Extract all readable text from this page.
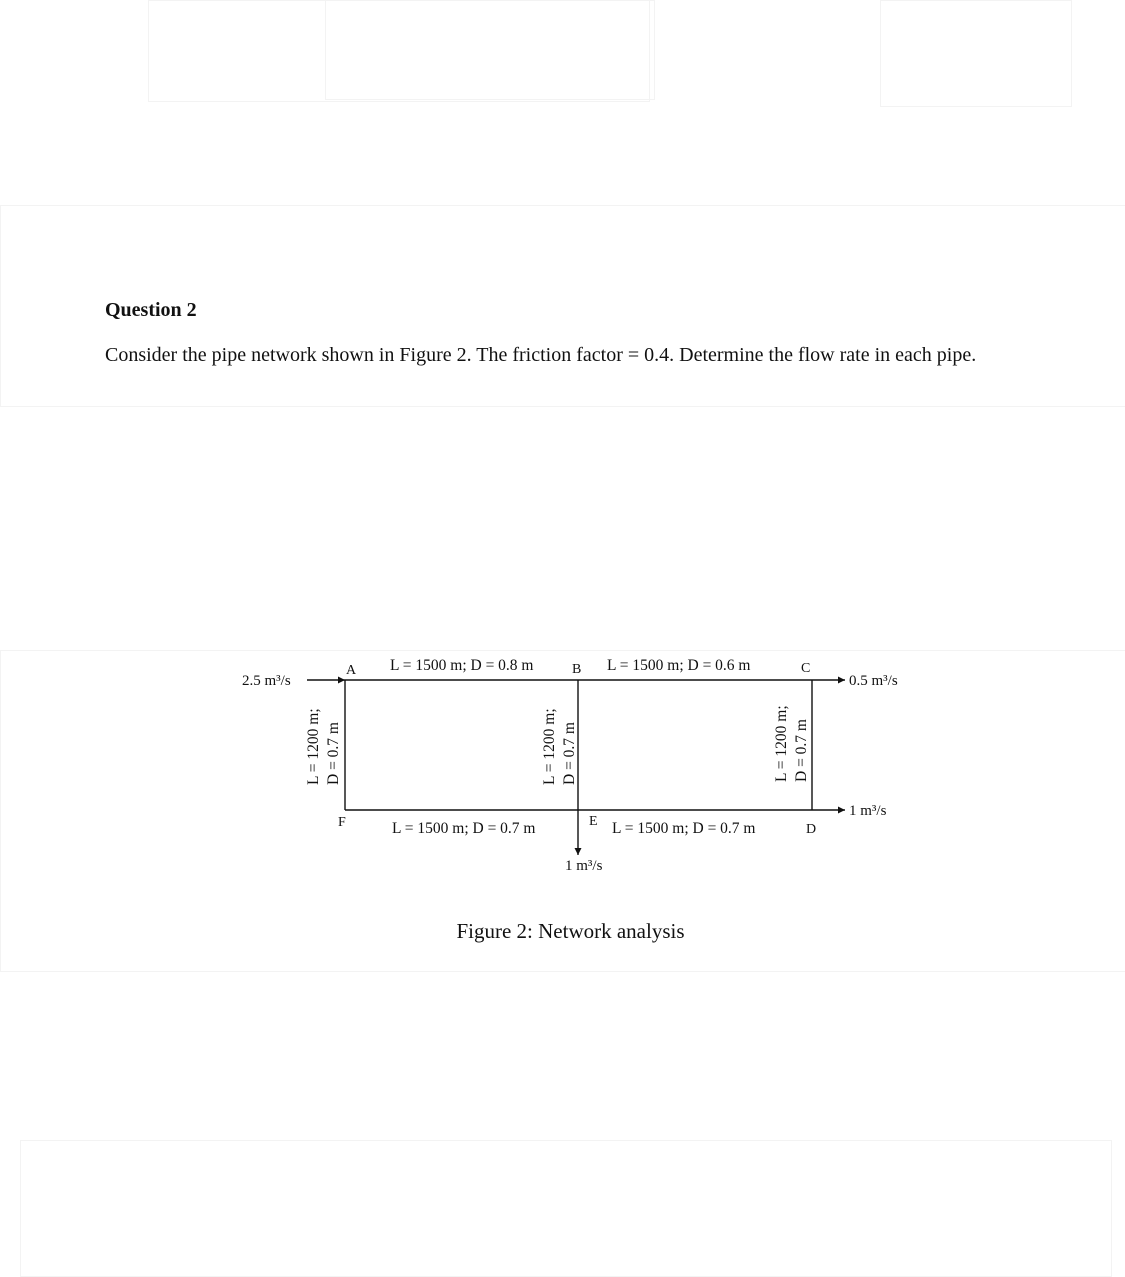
Question 2
Consider the pipe network shown in Figure 2. The friction factor = 0.4. Determine the flow rate in each pipe.
A	B	C
D
E
F
L = 1500 m; D = 0.8 m	L = 1500 m; D = 0.6 m
L = 1500 m; D = 0.7 m	L = 1500 m; D = 0.7 m
L = 1200 m; D = 0.7 m	L = 1200 m; D = 0.7 m	L = 1200 m; D = 0.7 m
2.5 m³/s	0.5 m³/s
1 m³/s
1 m³/s
Figure 2: Network analysis
